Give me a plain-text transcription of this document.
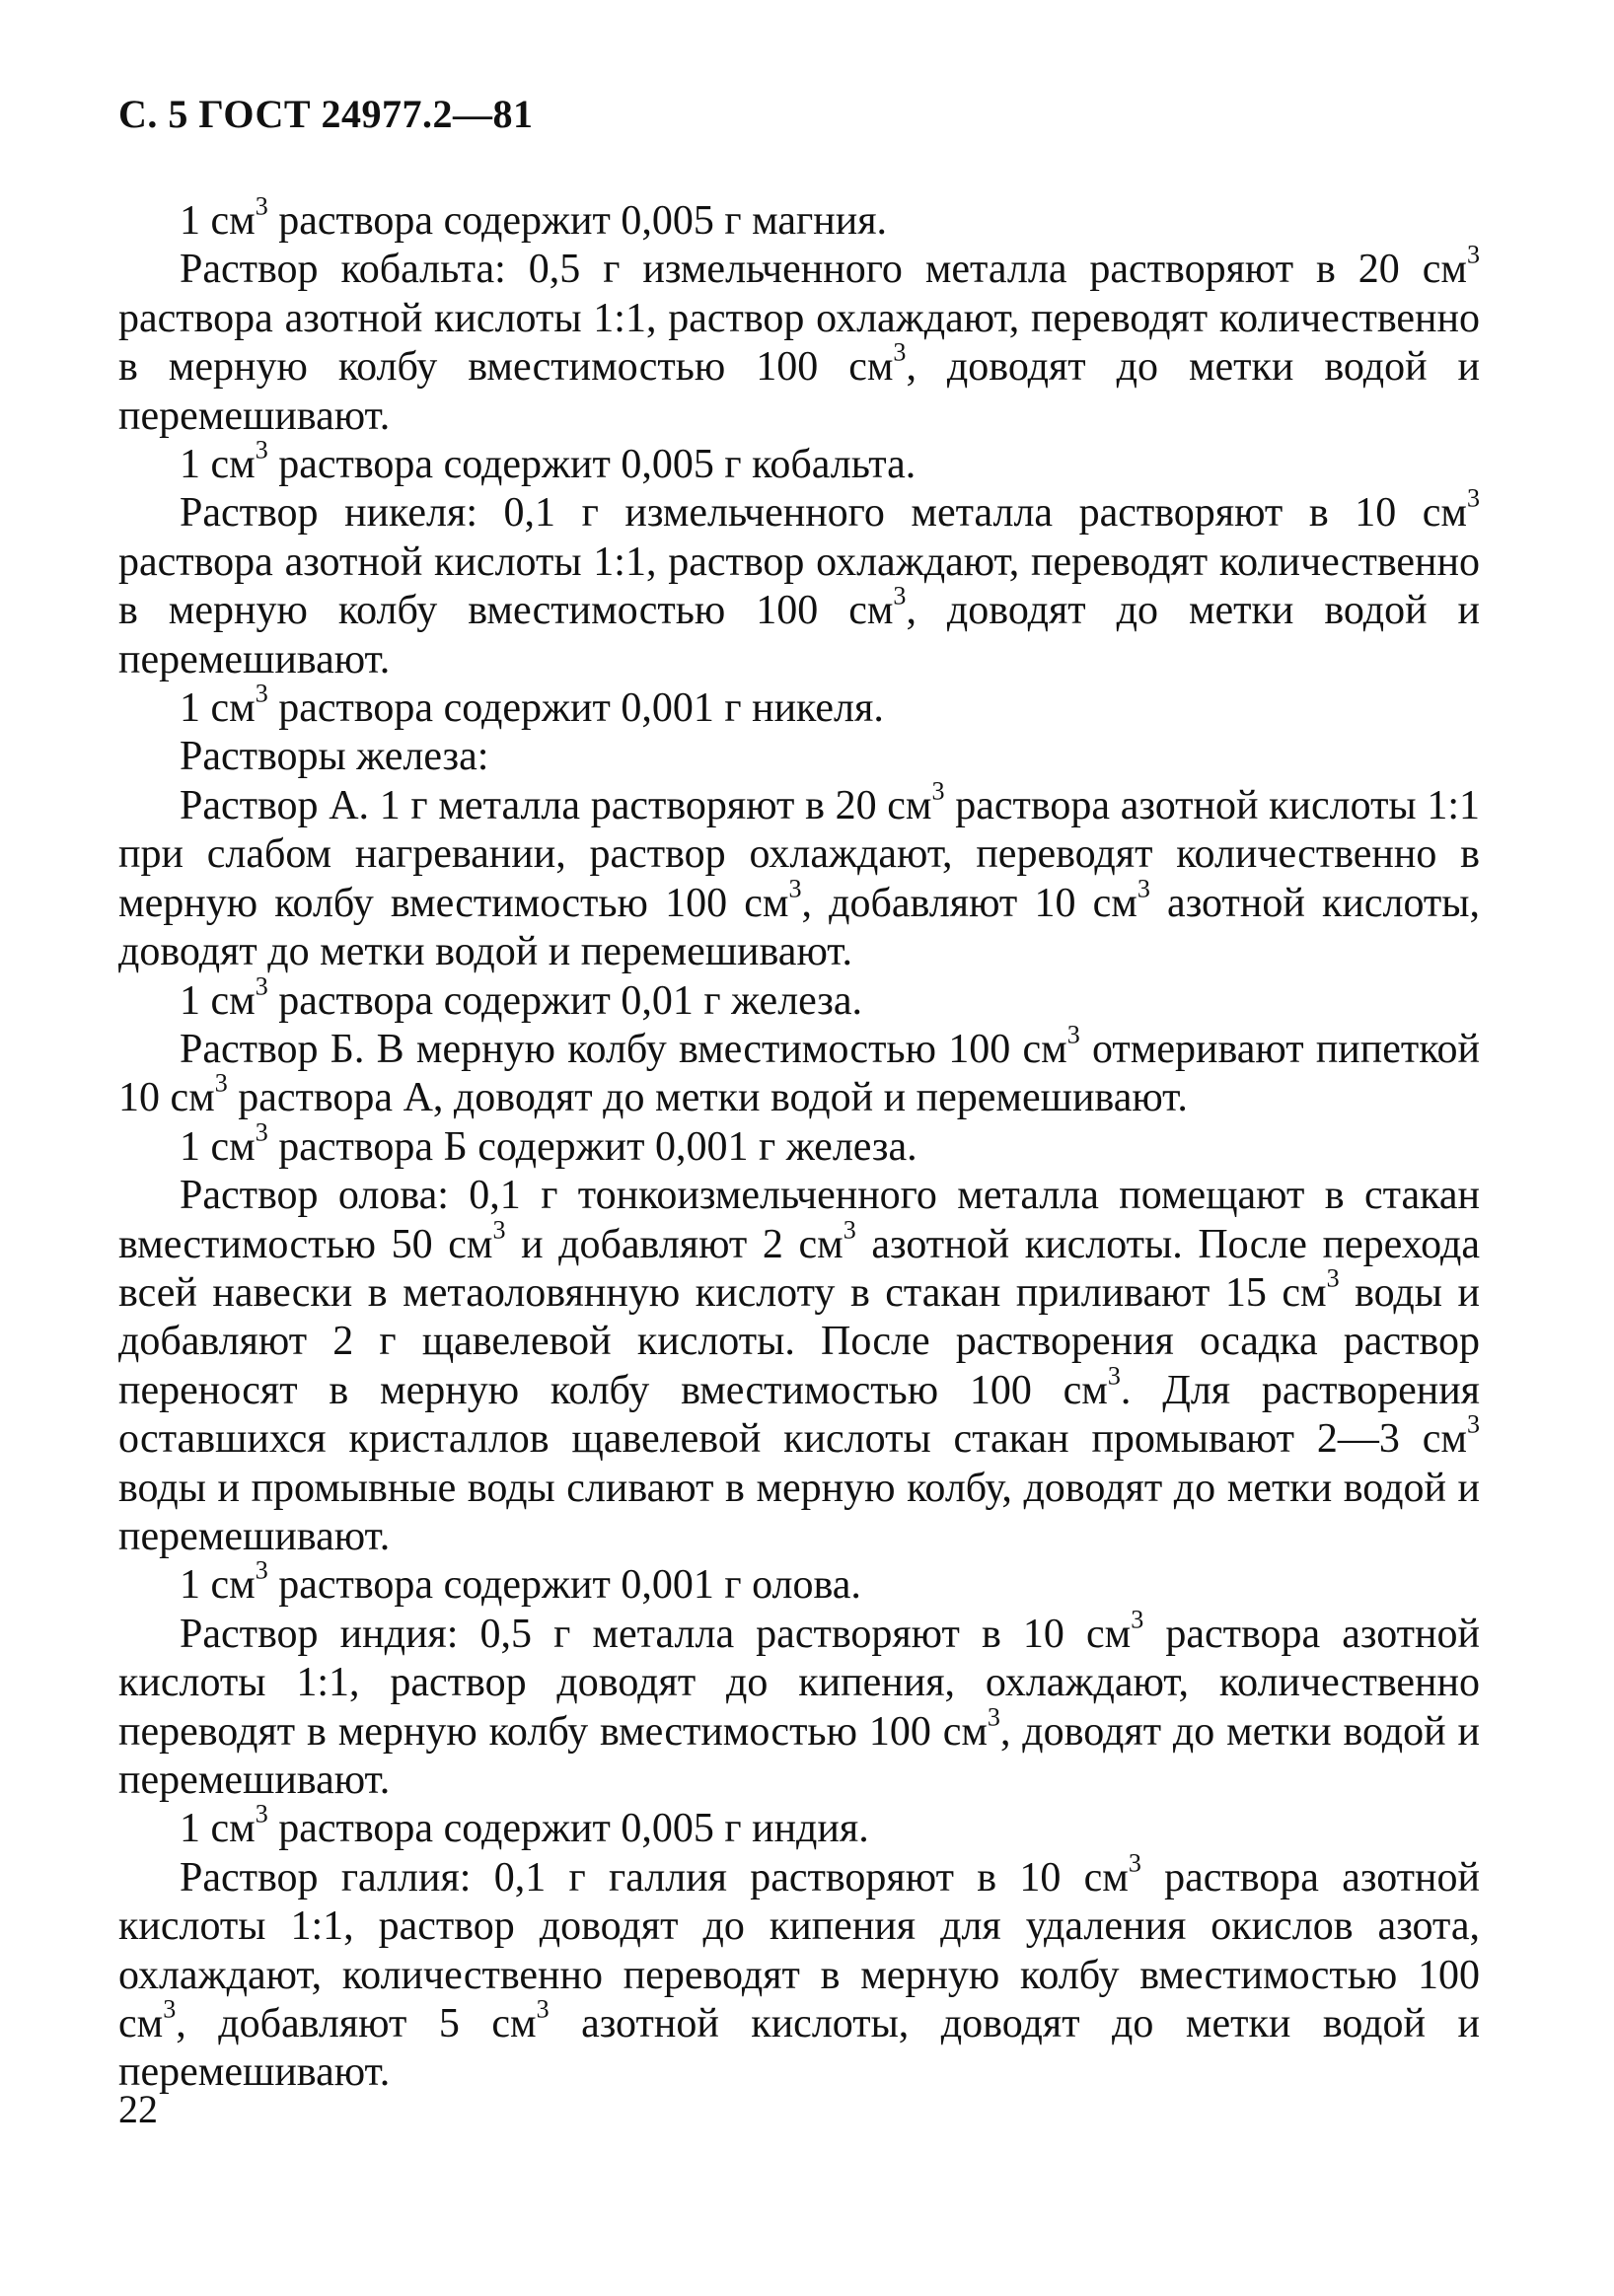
С. 5 ГОСТ 24977.2—81

1 $см^3$ раствора содержит 0,005 г магния.

Раствор кобальта: 0,5 г измельченного металла растворяют в 20 $см^3$ раствора азотной кислоты 1:1, раствор охлаждают, переводят количественно в мерную колбу вместимостью 100 $см^3$, доводят до метки водой и перемешивают.

1 $см^3$ раствора содержит 0,005 г кобальта.

Раствор никеля: 0,1 г измельченного металла растворяют в 10 $см^3$ раствора азотной кислоты 1:1, раствор охлаждают, переводят количественно в мерную колбу вместимостью 100 $см^3$, доводят до метки водой и перемешивают.

1 $см^3$ раствора содержит 0,001 г никеля.

Растворы железа:

Раствор А. 1 г металла растворяют в 20 $см^3$ раствора азотной кислоты 1:1 при слабом нагревании, раствор охлаждают, переводят количественно в мерную колбу вместимостью 100 $см^3$, добавляют 10 $см^3$ азотной кислоты, доводят до метки водой и перемешивают.

1 $см^3$ раствора содержит 0,01 г железа.

Раствор Б. В мерную колбу вместимостью 100 $см^3$ отмеривают пипеткой 10 $см^3$ раствора А, доводят до метки водой и перемешивают.

1 $см^3$ раствора Б содержит 0,001 г железа.

Раствор олова: 0,1 г тонкоизмельченного металла помещают в стакан вместимостью 50 $см^3$ и добавляют 2 $см^3$ азотной кислоты. После перехода всей навески в метаоловянную кислоту в стакан приливают 15 $см^3$ воды и добавляют 2 г щавелевой кислоты. После растворения осадка раствор переносят в мерную колбу вместимостью 100 $см^3$. Для растворения оставшихся кристаллов щавелевой кислоты стакан промывают 2—3 $см^3$ воды и промывные воды сливают в мерную колбу, доводят до метки водой и перемешивают.

1 $см^3$ раствора содержит 0,001 г олова.

Раствор индия: 0,5 г металла растворяют в 10 $см^3$ раствора азотной кислоты 1:1, раствор доводят до кипения, охлаждают, количественно переводят в мерную колбу вместимостью 100 $см^3$, доводят до метки водой и перемешивают.

1 $см^3$ раствора содержит 0,005 г индия.

Раствор галлия: 0,1 г галлия растворяют в 10 $см^3$ раствора азотной кислоты 1:1, раствор доводят до кипения для удаления окислов азота, охлаждают, количественно переводят в мерную колбу вместимостью 100 $см^3$, добавляют 5 $см^3$ азотной кислоты, доводят до метки водой и перемешивают.

22
